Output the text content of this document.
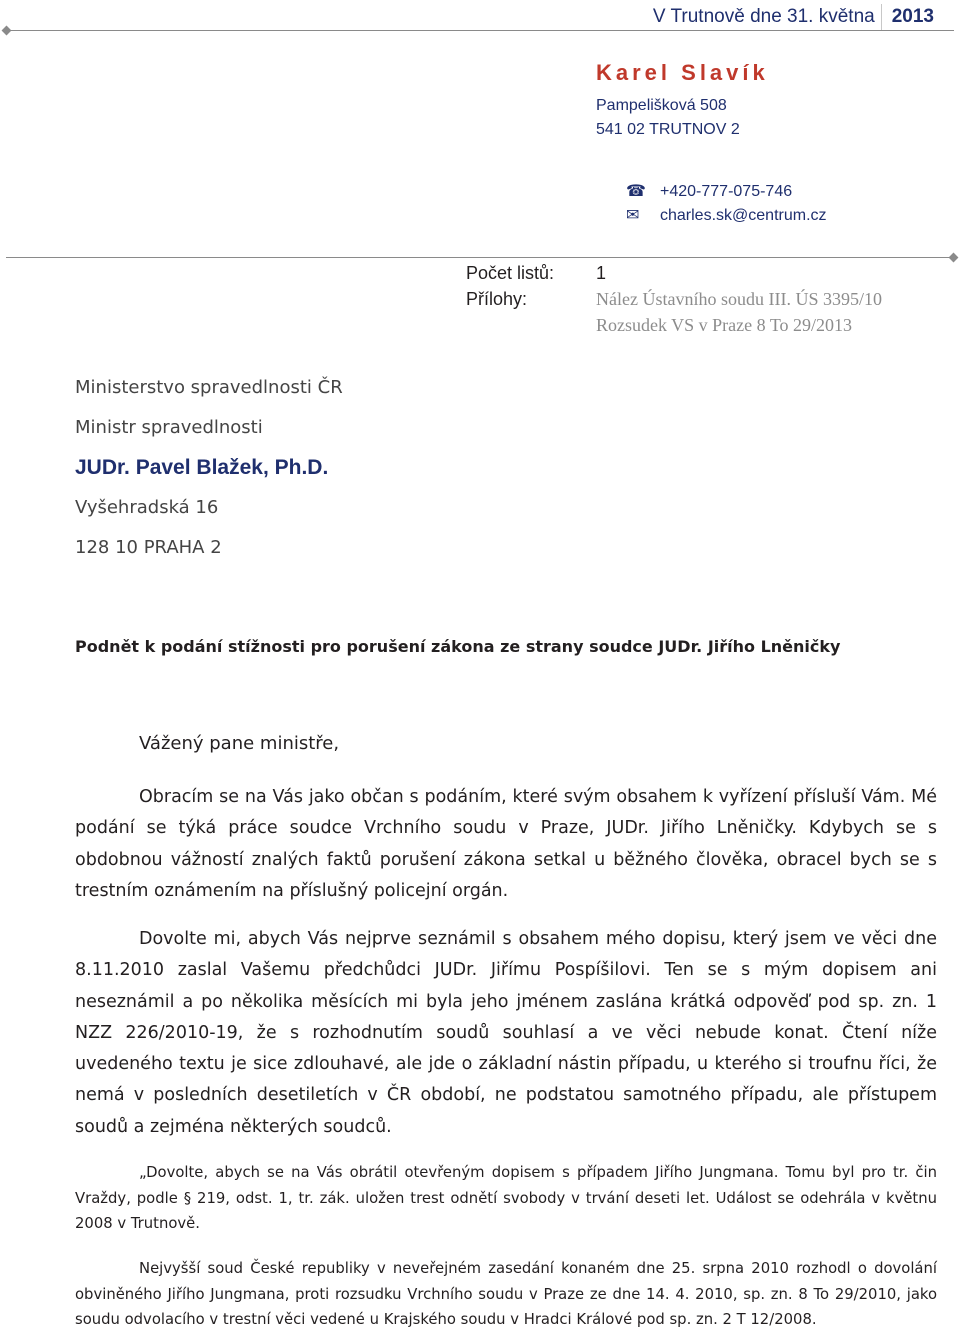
V Trutnově dne 31. května 2013
Karel Slavík
Pampelišková 508
541 02 TRUTNOV 2
☎ +420-777-075-746
✉ charles.sk@centrum.cz
Počet listů:	1
Přílohy:	Nález Ústavního soudu III. ÚS 3395/10
Rozsudek VS v Praze 8 To 29/2013
Ministerstvo spravedlnosti ČR
Ministr spravedlnosti
JUDr. Pavel Blažek, Ph.D.
Vyšehradská 16
128 10 PRAHA 2
Podnět k podání stížnosti pro porušení zákona ze strany soudce JUDr. Jiřího Lněničky
Vážený pane ministře,

Obracím se na Vás jako občan s podáním, které svým obsahem k vyřízení přísluší Vám. Mé podání se týká práce soudce Vrchního soudu v Praze, JUDr. Jiřího Lněničky. Kdybych se s obdobnou vážností znalých faktů porušení zákona setkal u běžného člověka, obracel bych se s trestním oznámením na příslušný policejní orgán.

Dovolte mi, abych Vás nejprve seznámil s obsahem mého dopisu, který jsem ve věci dne 8.11.2010 zaslal Vašemu předchůdci JUDr. Jiřímu Pospíšilovi. Ten se s mým dopisem ani neseznámil a po několika měsících mi byla jeho jménem zaslána krátká odpověď pod sp. zn. 1 NZZ 226/2010-19, že s rozhodnutím soudů souhlasí a ve věci nebude konat. Čtení níže uvedeného textu je sice zdlouhavé, ale jde o základní nástin případu, u kterého si troufnu říci, že nemá v posledních desetiletích v ČR období, ne podstatou samotného případu, ale přístupem soudů a zejména některých soudců.

„Dovolte, abych se na Vás obrátil otevřeným dopisem s případem Jiřího Jungmana. Tomu byl pro tr. čin Vraždy, podle § 219, odst. 1, tr. zák. uložen trest odnětí svobody v trvání deseti let. Událost se odehrála v květnu 2008 v Trutnově.

Nejvyšší soud České republiky v neveřejném zasedání konaném dne 25. srpna 2010 rozhodl o dovolání obviněného Jiřího Jungmana, proti rozsudku Vrchního soudu v Praze ze dne 14. 4. 2010, sp. zn. 8 To 29/2010, jako soudu odvolacího v trestní věci vedené u Krajského soudu v Hradci Králové pod sp. zn. 2 T 12/2008.
